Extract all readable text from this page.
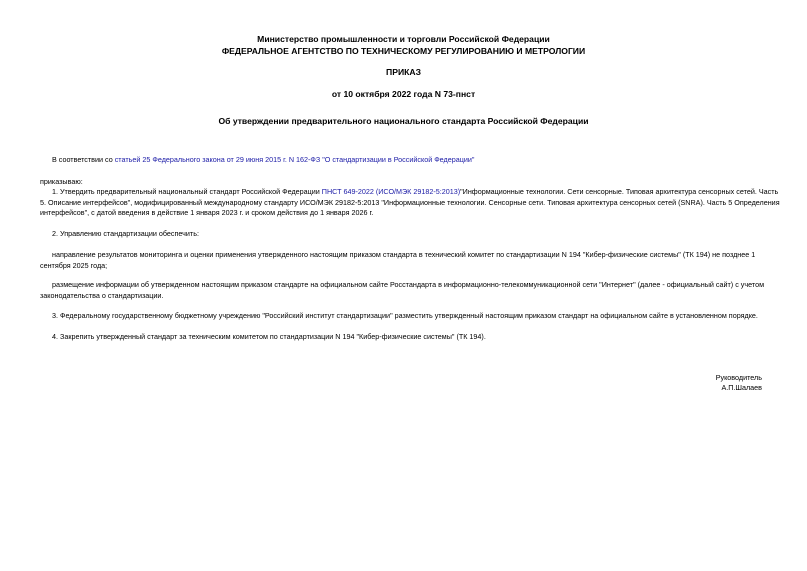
Министерство промышленности и торговли Российской Федерации
ФЕДЕРАЛЬНОЕ АГЕНТСТВО ПО ТЕХНИЧЕСКОМУ РЕГУЛИРОВАНИЮ И МЕТРОЛОГИИ
ПРИКАЗ
от 10 октября 2022 года N 73-пнст
Об утверждении предварительного национального стандарта Российской Федерации
В соответствии со статьей 25 Федерального закона от 29 июня 2015 г. N 162-ФЗ "О стандартизации в Российской Федерации"
приказываю:
1. Утвердить предварительный национальный стандарт Российской Федерации ПНСТ 649-2022 (ИСО/МЭК 29182-5:2013)"Информационные технологии. Сети сенсорные. Типовая архитектура сенсорных сетей. Часть 5. Описание интерфейсов", модифицированный международному стандарту ИСО/МЭК 29182-5:2013 "Информационные технологии. Сенсорные сети. Типовая архитектура сенсорных сетей (SNRA). Часть 5 Определения интерфейсов", с датой введения в действие 1 января 2023 г. и сроком действия до 1 января 2026 г.
2. Управлению стандартизации обеспечить:
направление результатов мониторинга и оценки применения утвержденного настоящим приказом стандарта в технический комитет по стандартизации N 194 "Кибер-физические системы" (ТК 194) не позднее 1 сентября 2025 года;
размещение информации об утвержденном настоящим приказом стандарте на официальном сайте Росстандарта в информационно-телекоммуникационной сети "Интернет" (далее - официальный сайт) с учетом законодательства о стандартизации.
3. Федеральному государственному бюджетному учреждению "Российский институт стандартизации" разместить утвержденный настоящим приказом стандарт на официальном сайте в установленном порядке.
4. Закрепить утвержденный стандарт за техническим комитетом по стандартизации N 194 "Кибер-физические системы" (ТК 194).
Руководитель
А.П.Шалаев
